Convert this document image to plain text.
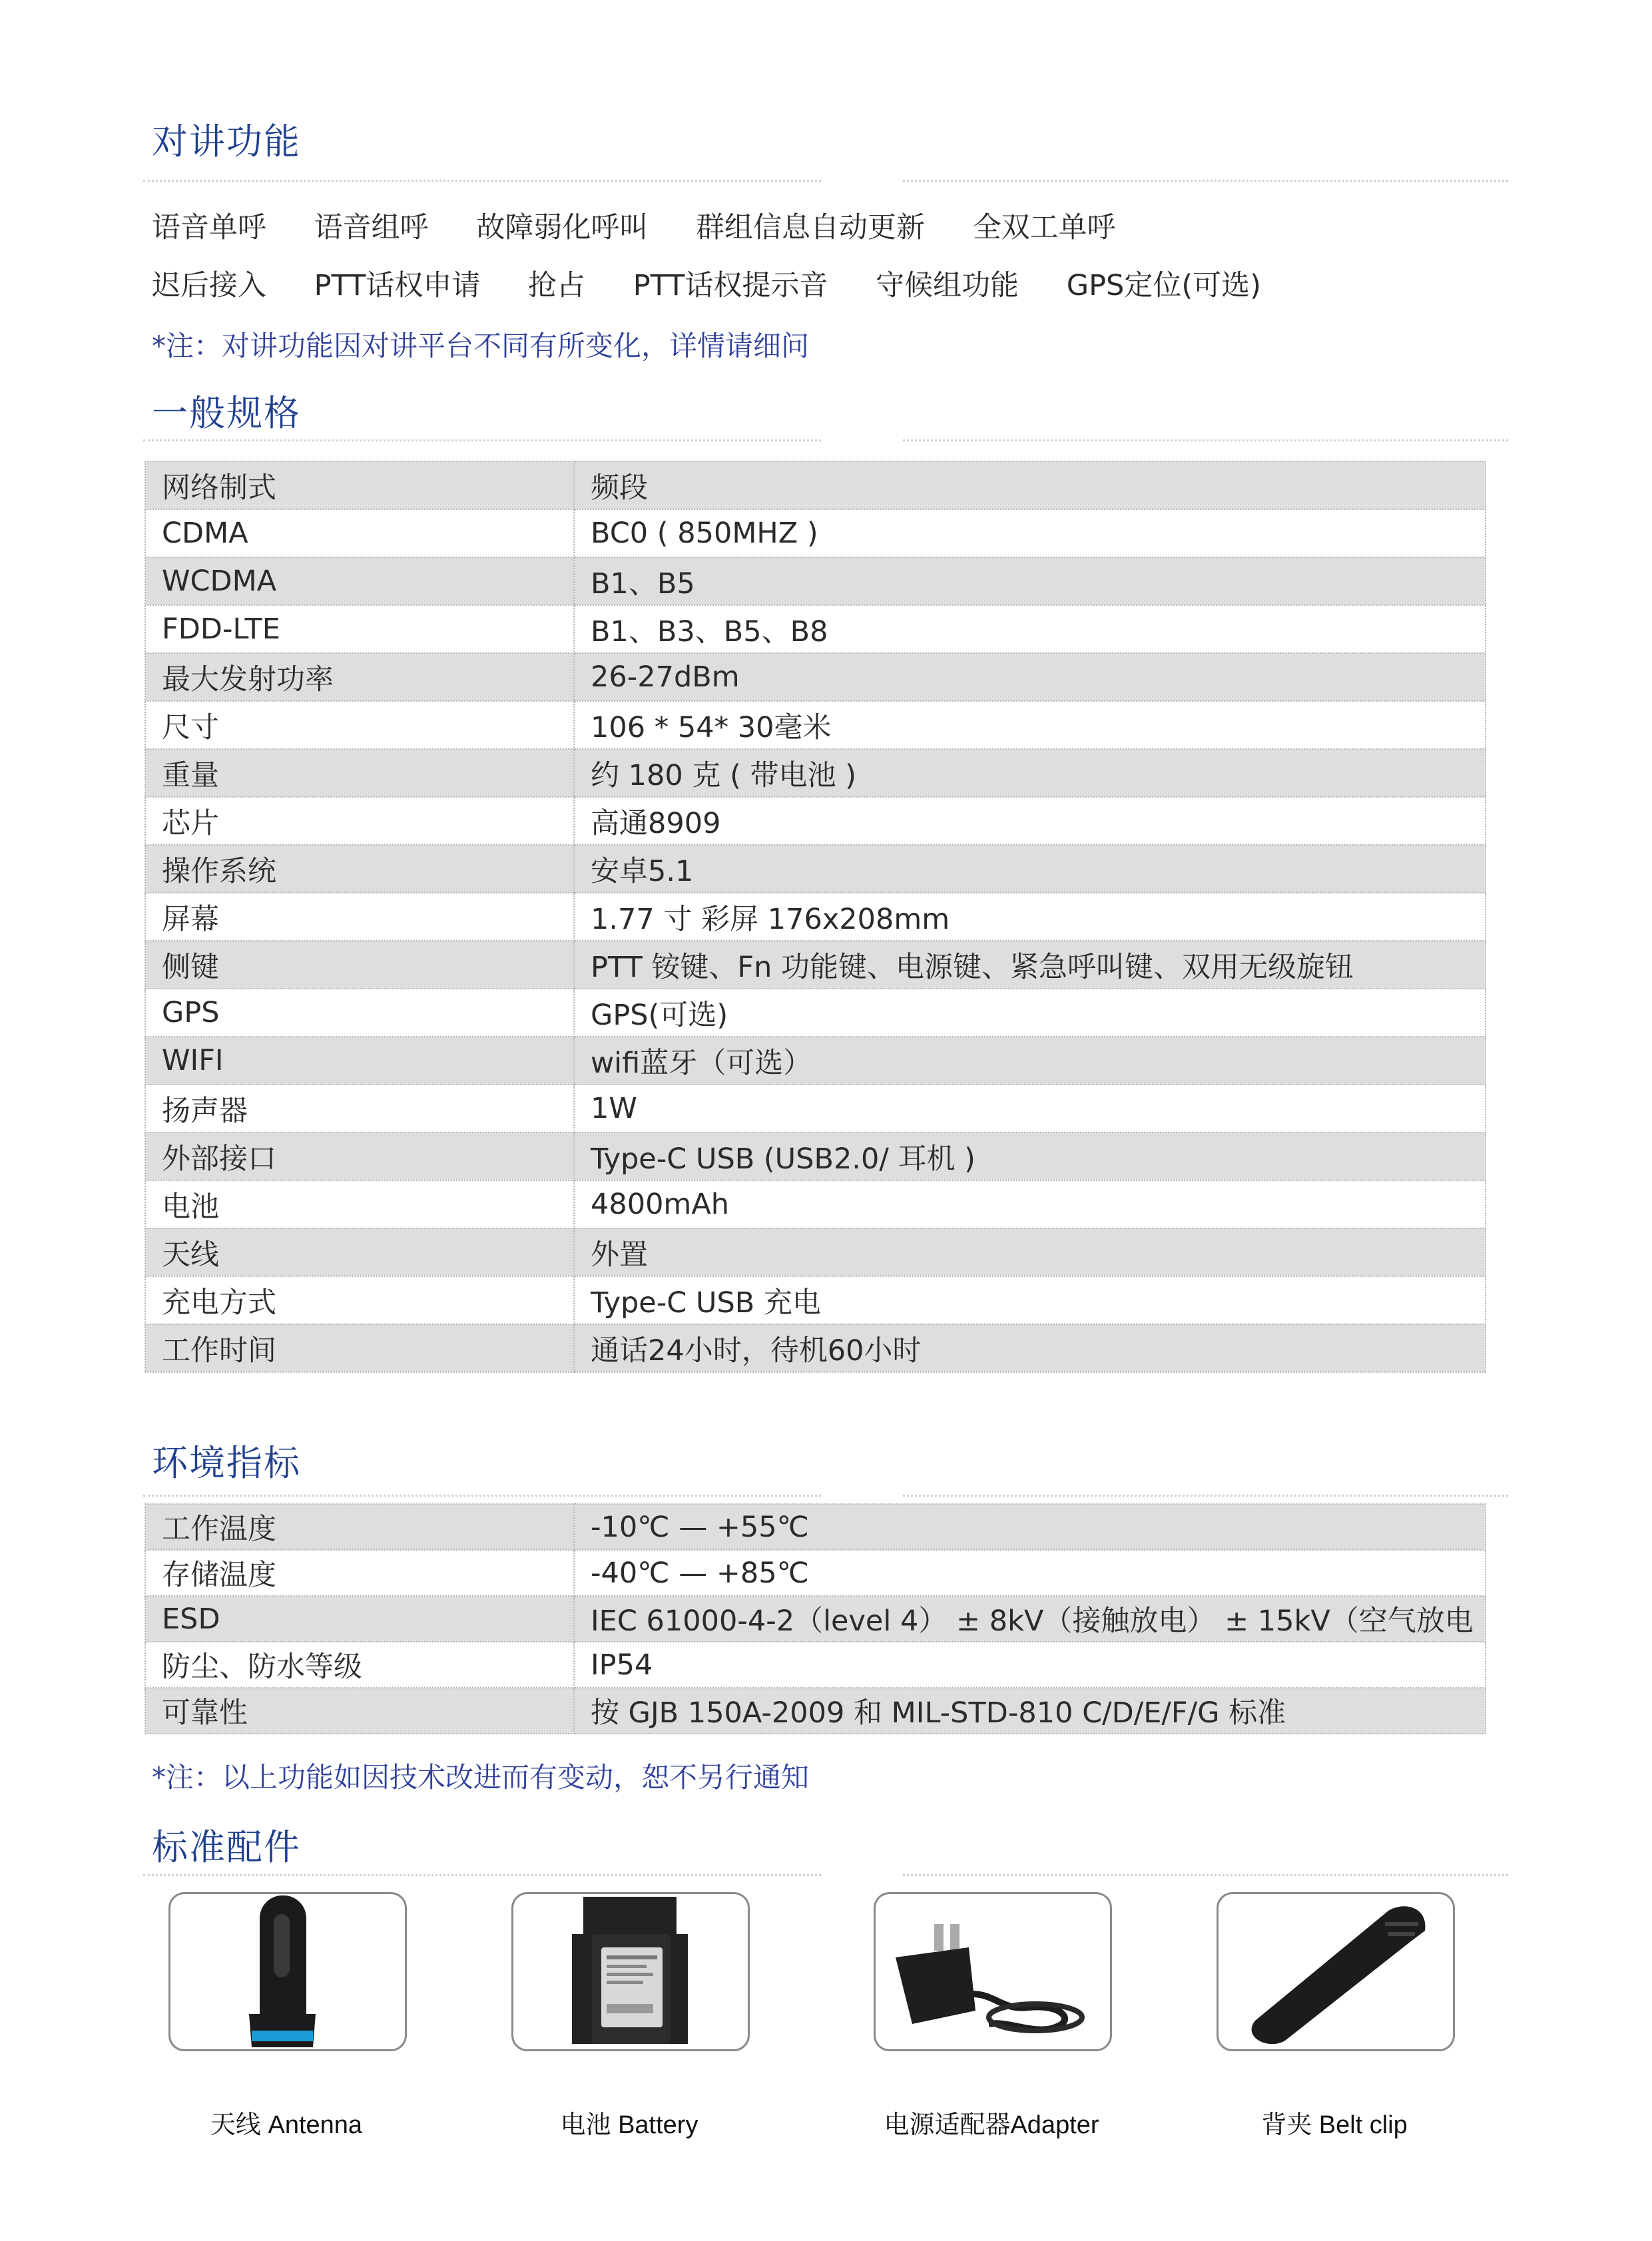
对讲功能
语音单呼 语音组呼 故障弱化呼叫 群组信息自动更新 全双工单呼
迟后接入 PTT话权申请 抢占 PTT话权提示音 守候组功能 GPS定位(可选)
*注：对讲功能因对讲平台不同有所变化，详情请细问
一般规格
网络制式	频段
CDMA	BC0 ( 850MHZ )
WCDMA	B1、B5
FDD-LTE	B1、B3、B5、B8
最大发射功率	26-27dBm
尺寸	106 * 54* 30毫米
重量	约 180 克 ( 带电池 )
芯片	高通8909
操作系统	安卓5.1
屏幕	1.77 寸 彩屏 176x208mm
侧键	PTT 铵键、Fn 功能键、电源键、紧急呼叫键、双用无级旋钮
GPS	GPS(可选)
WIFI	wifi蓝牙（可选）
扬声器	1W
外部接口	Type-C USB (USB2.0/ 耳机 )
电池	4800mAh
天线	外置
充电方式	Type-C USB 充电
工作时间	通话24小时，待机60小时
环境指标
工作温度	-10℃ — +55℃
存储温度	-40℃ — +85℃
ESD	IEC 61000-4-2（level 4） ± 8kV（接触放电） ± 15kV（空气放电
防尘、防水等级	IP54
可靠性	按 GJB 150A-2009 和 MIL-STD-810 C/D/E/F/G 标准
*注：以上功能如因技术改进而有变动，恕不另行通知
标准配件
天线 Antenna	电池 Battery	电源适配器Adapter	背夹 Belt clip
